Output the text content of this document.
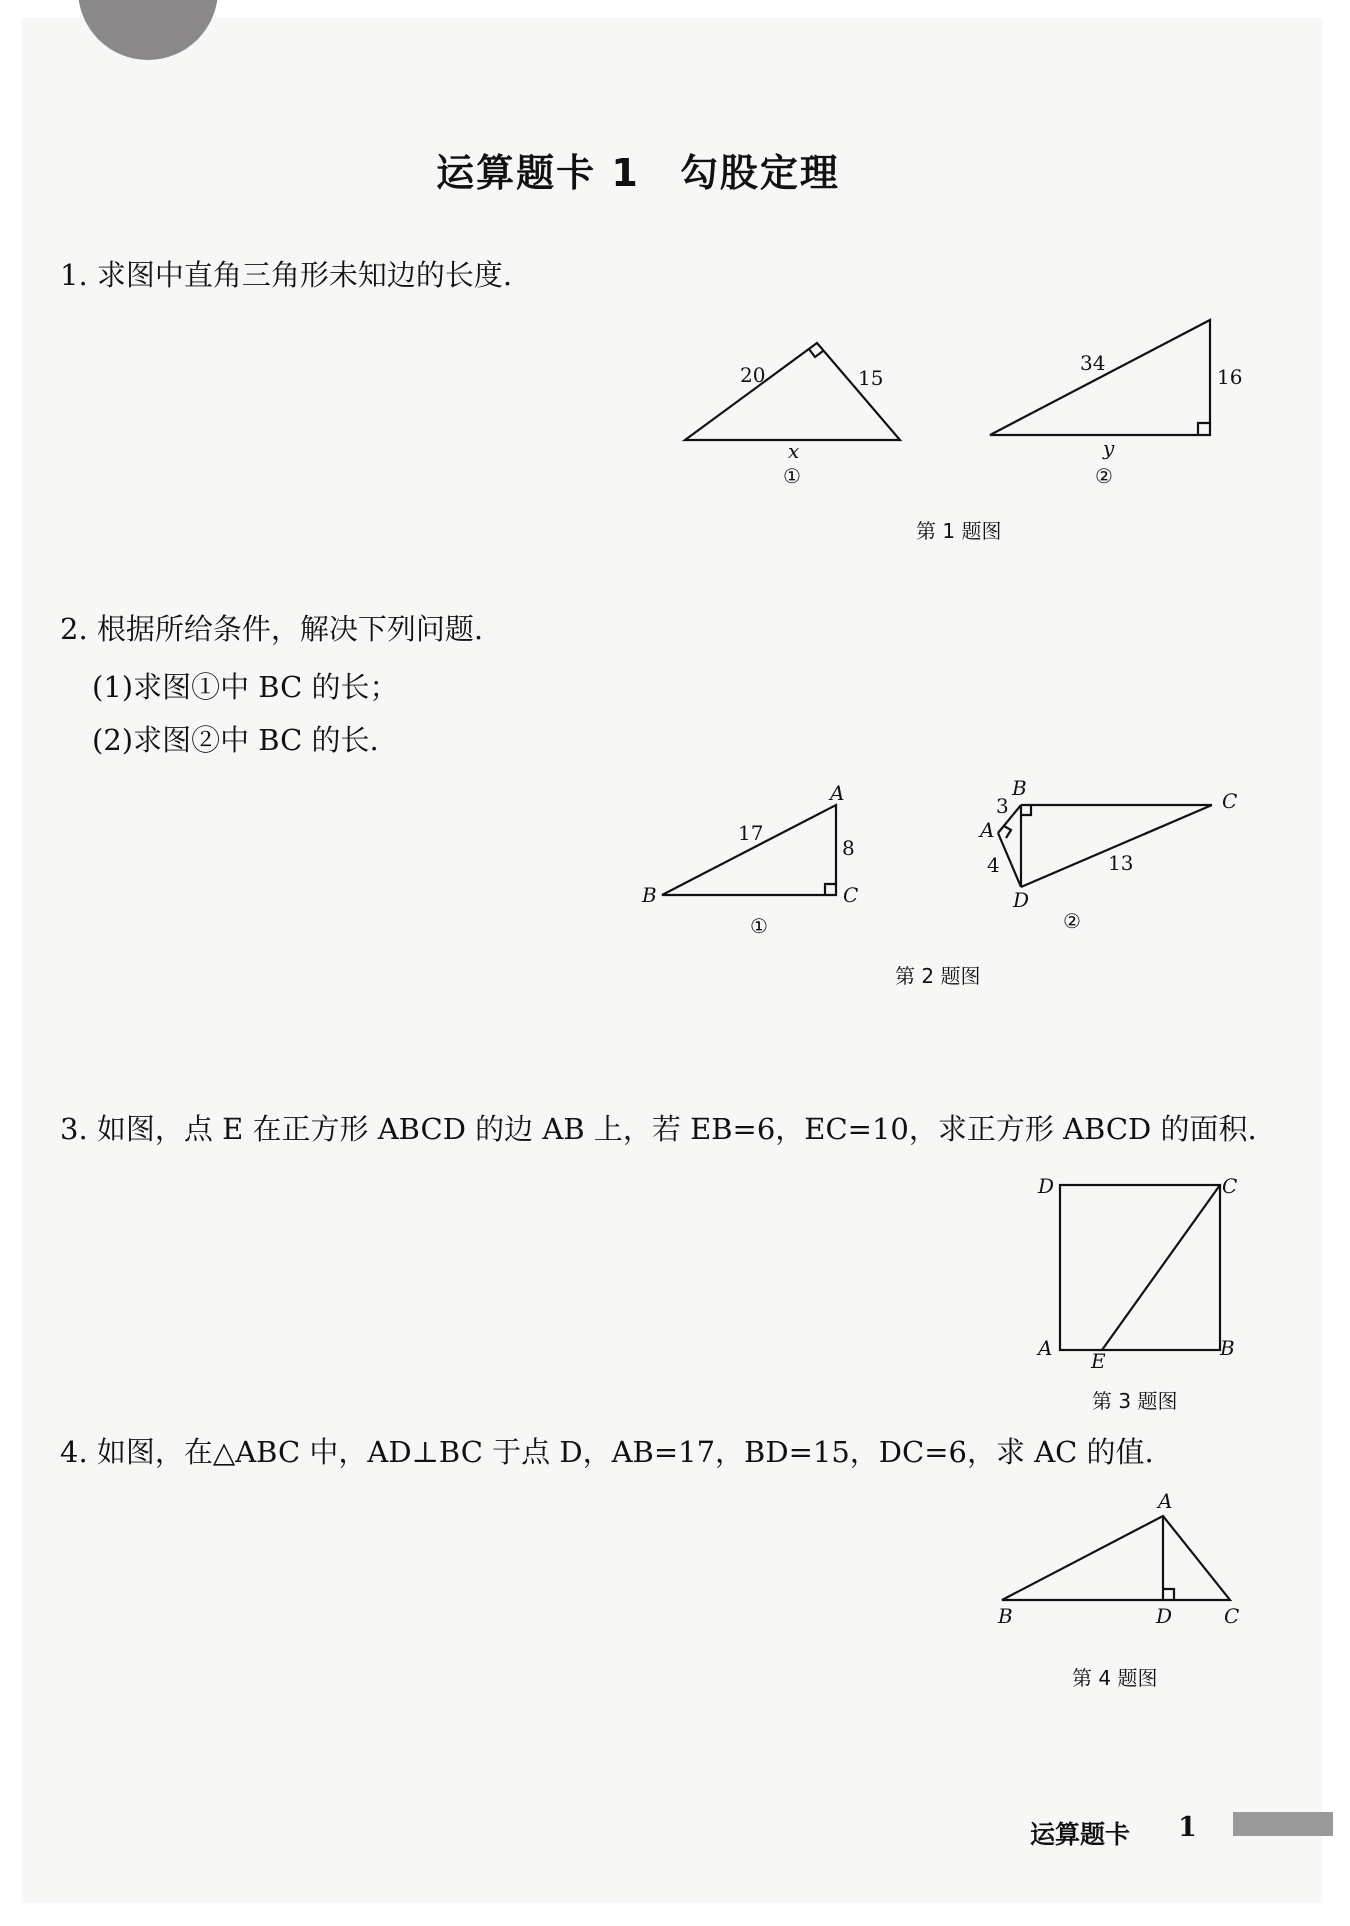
运算题卡 1　勾股定理
1. 求图中直角三角形未知边的长度.
20	15
x
①
34
16
y
②
第 1 题图
2. 根据所给条件，解决下列问题.
(1)求图①中 BC 的长；
(2)求图②中 BC 的长.
A
B	C
17
8
①
B
C
A
D
3
4	13
②
第 2 题图
3. 如图，点 E 在正方形 ABCD 的边 AB 上，若 EB=6，EC=10，求正方形 ABCD 的面积.
D	C
A	B
E
第 3 题图
4. 如图，在△ABC 中，AD⊥BC 于点 D，AB=17，BD=15，DC=6，求 AC 的值.
A
B	D	C
第 4 题图
运算题卡 1
